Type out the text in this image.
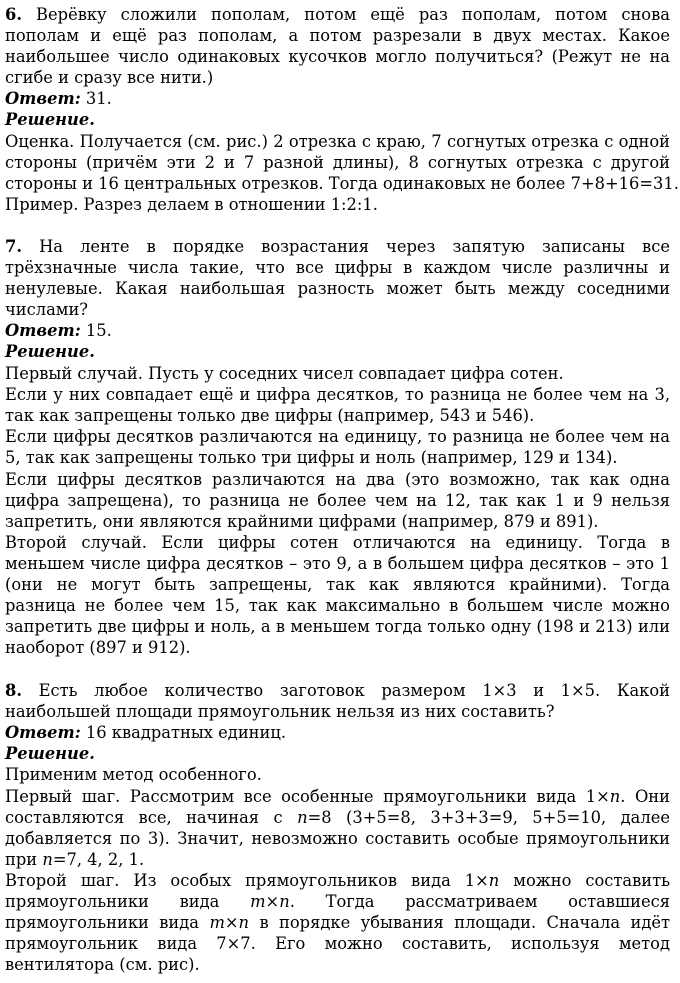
6. Верёвку сложили пополам, потом ещё раз пополам, потом снова
пополам и ещё раз пополам, а потом разрезали в двух местах. Какое
наибольшее число одинаковых кусочков могло получиться? (Режут не на
сгибе и сразу все нити.)
Ответ: 31.
Решение.
Оценка. Получается (см. рис.) 2 отрезка с краю, 7 согнутых отрезка с одной
стороны (причём эти 2 и 7 разной длины), 8 согнутых отрезка с другой
стороны и 16 центральных отрезков. Тогда одинаковых не более 7+8+16=31.
Пример. Разрез делаем в отношении 1:2:1.
7. На ленте в порядке возрастания через запятую записаны все
трёхзначные числа такие, что все цифры в каждом числе различны и
ненулевые. Какая наибольшая разность может быть между соседними
числами?
Ответ: 15.
Решение.
Первый случай. Пусть у соседних чисел совпадает цифра сотен.
Если у них совпадает ещё и цифра десятков, то разница не более чем на 3,
так как запрещены только две цифры (например, 543 и 546).
Если цифры десятков различаются на единицу, то разница не более чем на
5, так как запрещены только три цифры и ноль (например, 129 и 134).
Если цифры десятков различаются на два (это возможно, так как одна
цифра запрещена), то разница не более чем на 12, так как 1 и 9 нельзя
запретить, они являются крайними цифрами (например, 879 и 891).
Второй случай. Если цифры сотен отличаются на единицу. Тогда в
меньшем числе цифра десятков – это 9, а в большем цифра десятков – это 1
(они не могут быть запрещены, так как являются крайними). Тогда
разница не более чем 15, так как максимально в большем числе можно
запретить две цифры и ноль, а в меньшем тогда только одну (198 и 213) или
наоборот (897 и 912).
8. Есть любое количество заготовок размером 1×3 и 1×5. Какой
наибольшей площади прямоугольник нельзя из них составить?
Ответ: 16 квадратных единиц.
Решение.
Применим метод особенного.
Первый шаг. Рассмотрим все особенные прямоугольники вида 1×n. Они
составляются все, начиная с n=8 (3+5=8, 3+3+3=9, 5+5=10, далее
добавляется по 3). Значит, невозможно составить особые прямоугольники
при n=7, 4, 2, 1.
Второй шаг. Из особых прямоугольников вида 1×n можно составить
прямоугольники вида m×n. Тогда рассматриваем оставшиеся
прямоугольники вида m×n в порядке убывания площади. Сначала идёт
прямоугольник вида 7×7. Его можно составить, используя метод
вентилятора (см. рис).
